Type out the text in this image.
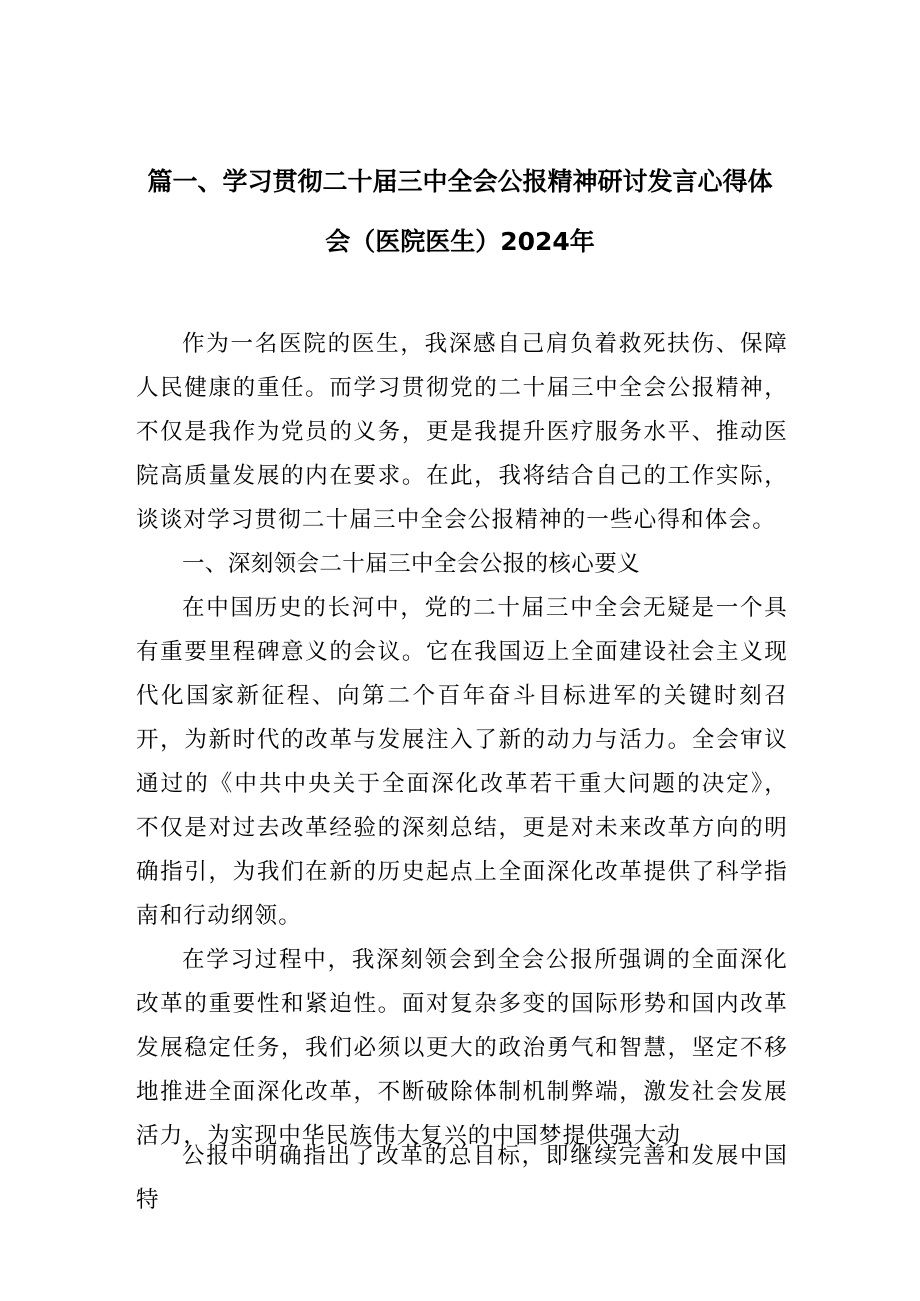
篇一、学习贯彻二十届三中全会公报精神研讨发言心得体
会（医院医生）2024年

作为一名医院的医生，我深感自己肩负着救死扶伤、保障人民健康的重任。而学习贯彻党的二十届三中全会公报精神，不仅是我作为党员的义务，更是我提升医疗服务水平、推动医院高质量发展的内在要求。在此，我将结合自己的工作实际，谈谈对学习贯彻二十届三中全会公报精神的一些心得和体会。

一、深刻领会二十届三中全会公报的核心要义

在中国历史的长河中，党的二十届三中全会无疑是一个具有重要里程碑意义的会议。它在我国迈上全面建设社会主义现代化国家新征程、向第二个百年奋斗目标进军的关键时刻召开，为新时代的改革与发展注入了新的动力与活力。全会审议通过的《中共中央关于全面深化改革若干重大问题的决定》，不仅是对过去改革经验的深刻总结，更是对未来改革方向的明确指引，为我们在新的历史起点上全面深化改革提供了科学指南和行动纲领。

在学习过程中，我深刻领会到全会公报所强调的全面深化改革的重要性和紧迫性。面对复杂多变的国际形势和国内改革发展稳定任务，我们必须以更大的政治勇气和智慧，坚定不移地推进全面深化改革，不断破除体制机制弊端，激发社会发展活力，为实现中华民族伟大复兴的中国梦提供强大动

公报中明确指出了改革的总目标，即继续完善和发展中国特
